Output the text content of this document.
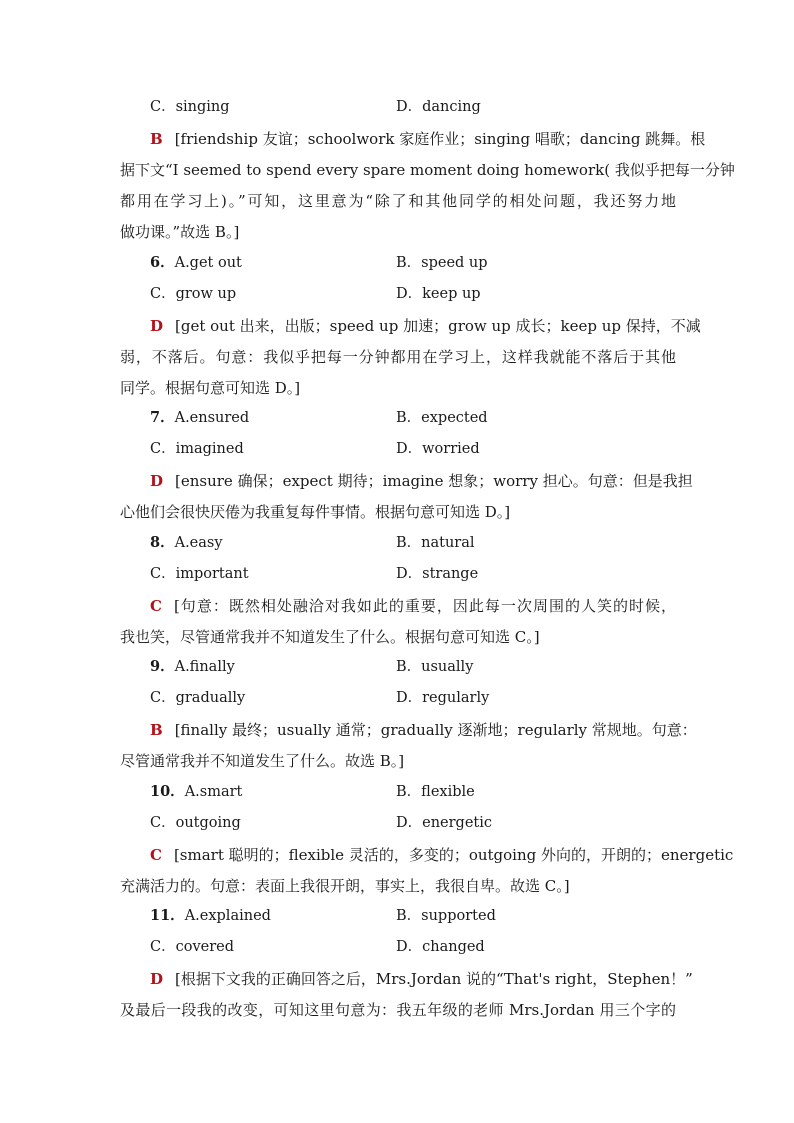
C．singing	D．dancing
B [friendship 友谊；schoolwork 家庭作业；singing 唱歌；dancing 跳舞。根
据下文“I seemed to spend every spare moment doing homework( 我似乎把每一分钟
都用在学习上)。”可知，这里意为“除了和其他同学的相处问题，我还努力地
做功课。”故选 B。]
6．A.get out	B．speed up
C．grow up	D．keep up
D [get out 出来，出版；speed up 加速；grow up 成长；keep up 保持，不减
弱，不落后。句意：我似乎把每一分钟都用在学习上，这样我就能不落后于其他
同学。根据句意可知选 D。]
7．A.ensured	B．expected
C．imagined	D．worried
D [ensure 确保；expect 期待；imagine 想象；worry 担心。句意：但是我担
心他们会很快厌倦为我重复每件事情。根据句意可知选 D。]
8．A.easy	B．natural
C．important	D．strange
C [句意：既然相处融洽对我如此的重要，因此每一次周围的人笑的时候，
我也笑，尽管通常我并不知道发生了什么。根据句意可知选 C。]
9．A.finally	B．usually
C．gradually	D．regularly
B [finally 最终；usually 通常；gradually 逐渐地；regularly 常规地。句意：
尽管通常我并不知道发生了什么。故选 B。]
10．A.smart	B．flexible
C．outgoing	D．energetic
C [smart 聪明的；flexible 灵活的，多变的；outgoing 外向的，开朗的；energetic
充满活力的。句意：表面上我很开朗，事实上，我很自卑。故选 C。]
11．A.explained	B．supported
C．covered	D．changed
D [根据下文我的正确回答之后，Mrs.Jordan 说的“That's right，Stephen！”
及最后一段我的改变，可知这里句意为：我五年级的老师 Mrs.Jordan 用三个字的
